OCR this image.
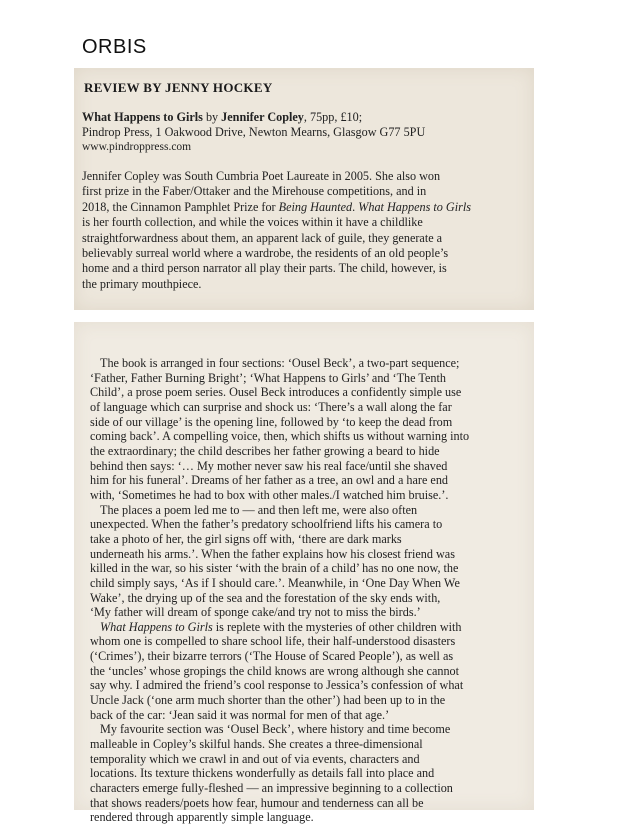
ORBIS
REVIEW BY JENNY HOCKEY
What Happens to Girls by Jennifer Copley, 75pp, £10;
Pindrop Press, 1 Oakwood Drive, Newton Mearns, Glasgow G77 5PU
www.pindroppress.com
Jennifer Copley was South Cumbria Poet Laureate in 2005. She also won
first prize in the Faber/Ottaker and the Mirehouse competitions, and in
2018, the Cinnamon Pamphlet Prize for Being Haunted. What Happens to Girls
is her fourth collection, and while the voices within it have a childlike
straightforwardness about them, an apparent lack of guile, they generate a
believably surreal world where a wardrobe, the residents of an old people’s
home and a third person narrator all play their parts. The child, however, is
the primary mouthpiece.
The book is arranged in four sections: ‘Ousel Beck’, a two-part sequence;
‘Father, Father Burning Bright’; ‘What Happens to Girls’ and ‘The Tenth
Child’, a prose poem series. Ousel Beck introduces a confidently simple use
of language which can surprise and shock us: ‘There’s a wall along the far
side of our village’ is the opening line, followed by ‘to keep the dead from
coming back’. A compelling voice, then, which shifts us without warning into
the extraordinary; the child describes her father growing a beard to hide
behind then says: ‘… My mother never saw his real face/until she shaved
him for his funeral’. Dreams of her father as a tree, an owl and a hare end
with, ‘Sometimes he had to box with other males./I watched him bruise.’.
The places a poem led me to — and then left me, were also often
unexpected. When the father’s predatory schoolfriend lifts his camera to
take a photo of her, the girl signs off with, ‘there are dark marks
underneath his arms.’. When the father explains how his closest friend was
killed in the war, so his sister ‘with the brain of a child’ has no one now, the
child simply says, ‘As if I should care.’. Meanwhile, in ‘One Day When We
Wake’, the drying up of the sea and the forestation of the sky ends with,
‘My father will dream of sponge cake/and try not to miss the birds.’
What Happens to Girls is replete with the mysteries of other children with
whom one is compelled to share school life, their half-understood disasters
(‘Crimes’), their bizarre terrors (‘The House of Scared People’), as well as
the ‘uncles’ whose gropings the child knows are wrong although she cannot
say why. I admired the friend’s cool response to Jessica’s confession of what
Uncle Jack (‘one arm much shorter than the other’) had been up to in the
back of the car: ‘Jean said it was normal for men of that age.’
My favourite section was ‘Ousel Beck’, where history and time become
malleable in Copley’s skilful hands. She creates a three-dimensional
temporality which we crawl in and out of via events, characters and
locations. Its texture thickens wonderfully as details fall into place and
characters emerge fully-fleshed — an impressive beginning to a collection
that shows readers/poets how fear, humour and tenderness can all be
rendered through apparently simple language.
